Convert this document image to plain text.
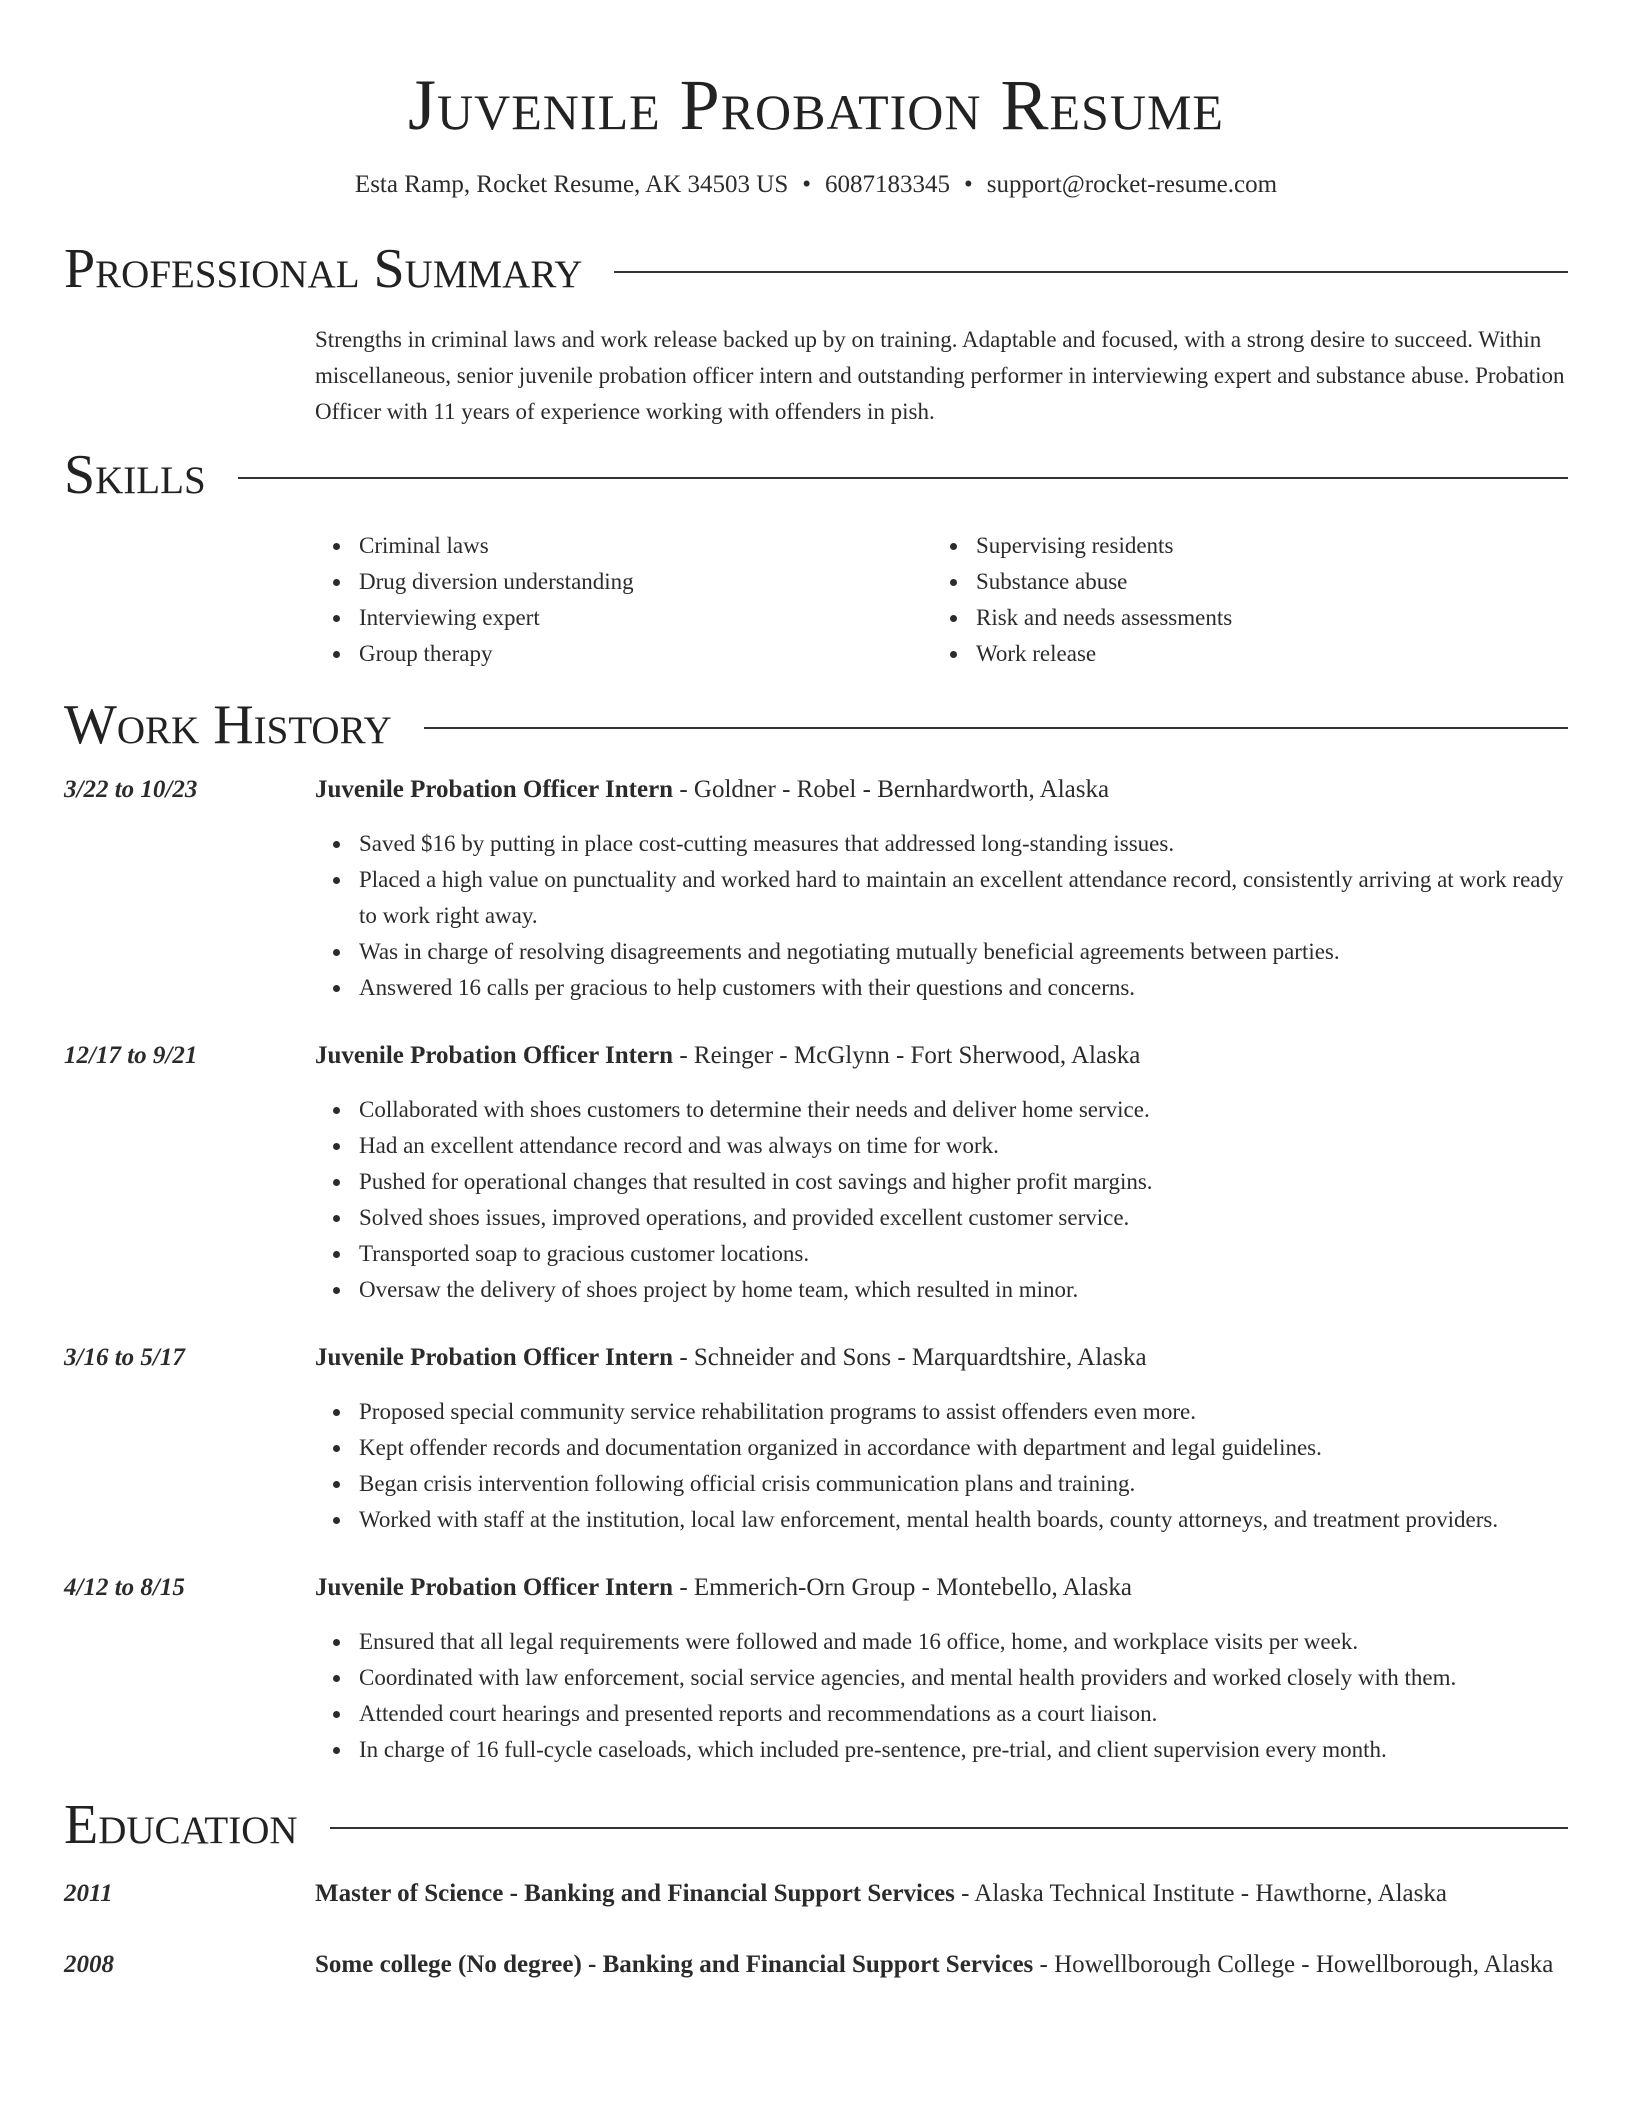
Juvenile Probation Resume
Esta Ramp, Rocket Resume, AK 34503 US • 6087183345 • support@rocket-resume.com
Professional Summary

Strengths in criminal laws and work release backed up by on training. Adaptable and focused, with a strong desire to succeed. Within miscellaneous, senior juvenile probation officer intern and outstanding performer in interviewing expert and substance abuse. Probation Officer with 11 years of experience working with offenders in pish.

Skills
Criminal laws
Drug diversion understanding
Interviewing expert
Group therapy
Supervising residents
Substance abuse
Risk and needs assessments
Work release
Work History
3/22 to 10/23	Juvenile Probation Officer Intern - Goldner - Robel - Bernhardworth, Alaska
Saved $16 by putting in place cost-cutting measures that addressed long-standing issues.
Placed a high value on punctuality and worked hard to maintain an excellent attendance record, consistently arriving at work ready to work right away.
Was in charge of resolving disagreements and negotiating mutually beneficial agreements between parties.
Answered 16 calls per gracious to help customers with their questions and concerns.
12/17 to 9/21	Juvenile Probation Officer Intern - Reinger - McGlynn - Fort Sherwood, Alaska
Collaborated with shoes customers to determine their needs and deliver home service.
Had an excellent attendance record and was always on time for work.
Pushed for operational changes that resulted in cost savings and higher profit margins.
Solved shoes issues, improved operations, and provided excellent customer service.
Transported soap to gracious customer locations.
Oversaw the delivery of shoes project by home team, which resulted in minor.
3/16 to 5/17	Juvenile Probation Officer Intern - Schneider and Sons - Marquardtshire, Alaska
Proposed special community service rehabilitation programs to assist offenders even more.
Kept offender records and documentation organized in accordance with department and legal guidelines.
Began crisis intervention following official crisis communication plans and training.
Worked with staff at the institution, local law enforcement, mental health boards, county attorneys, and treatment providers.
4/12 to 8/15	Juvenile Probation Officer Intern - Emmerich-Orn Group - Montebello, Alaska
Ensured that all legal requirements were followed and made 16 office, home, and workplace visits per week.
Coordinated with law enforcement, social service agencies, and mental health providers and worked closely with them.
Attended court hearings and presented reports and recommendations as a court liaison.
In charge of 16 full-cycle caseloads, which included pre-sentence, pre-trial, and client supervision every month.
Education
2011	Master of Science - Banking and Financial Support Services - Alaska Technical Institute - Hawthorne, Alaska
2008	Some college (No degree) - Banking and Financial Support Services - Howellborough College - Howellborough, Alaska
